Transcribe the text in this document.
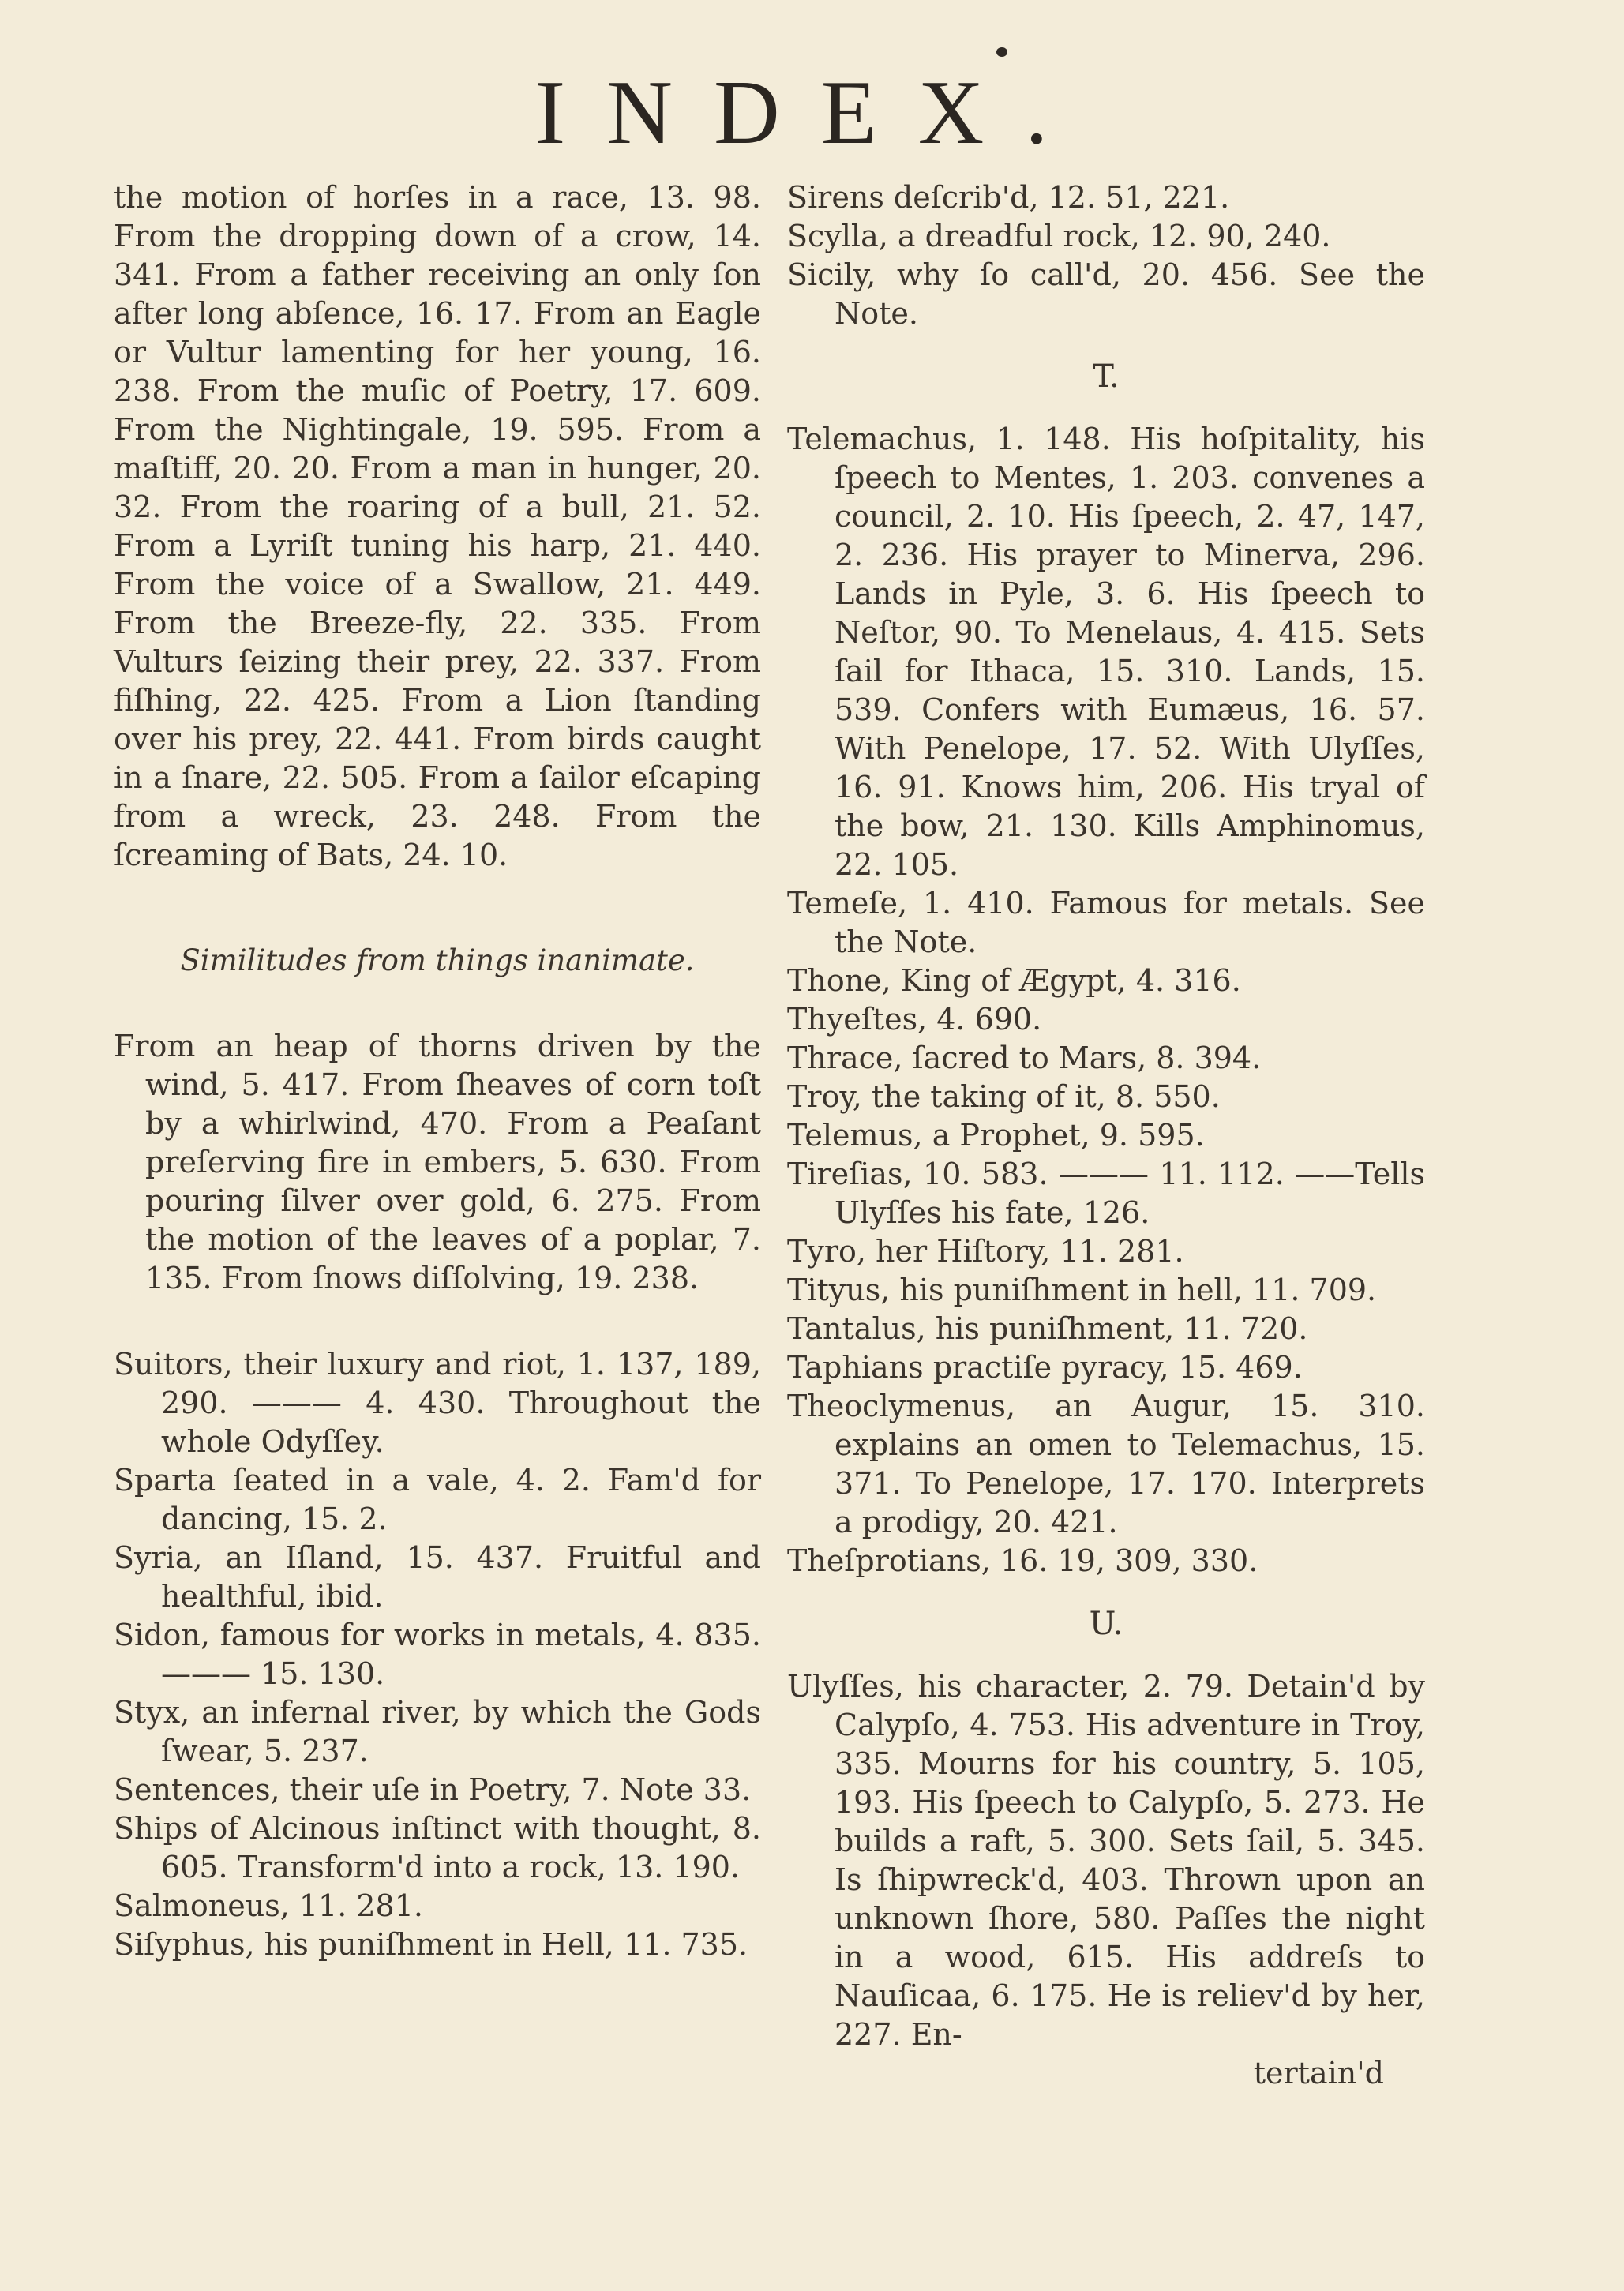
INDEX.

the motion of horſes in a race, 13. 98. From the dropping down of a crow, 14. 341. From a father receiving an only ſon after long abſence, 16. 17. From an Eagle or Vultur lamenting for her young, 16. 238. From the muſic of Poetry, 17. 609. From the Nightingale, 19. 595. From a maſtiff, 20. 20. From a man in hunger, 20. 32. From the roaring of a bull, 21. 52. From a Lyriſt tuning his harp, 21. 440. From the voice of a Swallow, 21. 449. From the Breeze-fly, 22. 335. From Vulturs ſeizing their prey, 22. 337. From fiſhing, 22. 425. From a Lion ſtanding over his prey, 22. 441. From birds caught in a ſnare, 22. 505. From a ſailor eſcaping from a wreck, 23. 248. From the ſcreaming of Bats, 24. 10.

Similitudes from things inanimate.

From an heap of thorns driven by the wind, 5. 417. From ſheaves of corn toſt by a whirlwind, 470. From a Peaſant preſerving fire in embers, 5. 630. From pouring ſilver over gold, 6. 275. From the motion of the leaves of a poplar, 7. 135. From ſnows diſſolving, 19. 238.

Suitors, their luxury and riot, 1. 137, 189, 290. ——— 4. 430. Throughout the whole Odyſſey.

Sparta ſeated in a vale, 4. 2. Fam'd for dancing, 15. 2.

Syria, an Iſland, 15. 437. Fruitful and healthful, ibid.

Sidon, famous for works in metals, 4. 835. ——— 15. 130.

Styx, an infernal river, by which the Gods ſwear, 5. 237.

Sentences, their uſe in Poetry, 7. Note 33.

Ships of Alcinous inſtinct with thought, 8. 605. Transform'd into a rock, 13. 190.

Salmoneus, 11. 281.

Siſyphus, his puniſhment in Hell, 11. 735.

Sirens deſcrib'd, 12. 51, 221.

Scylla, a dreadful rock, 12. 90, 240.

Sicily, why ſo call'd, 20. 456. See the Note.

T.

Telemachus, 1. 148. His hoſpitality, his ſpeech to Mentes, 1. 203. convenes a council, 2. 10. His ſpeech, 2. 47, 147, 2. 236. His prayer to Minerva, 296. Lands in Pyle, 3. 6. His ſpeech to Neſtor, 90. To Menelaus, 4. 415. Sets ſail for Ithaca, 15. 310. Lands, 15. 539. Confers with Eumæus, 16. 57. With Penelope, 17. 52. With Ulyſſes, 16. 91. Knows him, 206. His tryal of the bow, 21. 130. Kills Amphinomus, 22. 105.

Temeſe, 1. 410. Famous for metals. See the Note.

Thone, King of Ægypt, 4. 316.

Thyeſtes, 4. 690.

Thrace, ſacred to Mars, 8. 394.

Troy, the taking of it, 8. 550.

Telemus, a Prophet, 9. 595.

Tireſias, 10. 583. ——— 11. 112. ——Tells Ulyſſes his fate, 126.

Tyro, her Hiſtory, 11. 281.

Tityus, his puniſhment in hell, 11. 709.

Tantalus, his puniſhment, 11. 720.

Taphians practiſe pyracy, 15. 469.

Theoclymenus, an Augur, 15. 310. explains an omen to Telemachus, 15. 371. To Penelope, 17. 170. Interprets a prodigy, 20. 421.

Theſprotians, 16. 19, 309, 330.

U.

Ulyſſes, his character, 2. 79. Detain'd by Calypſo, 4. 753. His adventure in Troy, 335. Mourns for his country, 5. 105, 193. His ſpeech to Calypſo, 5. 273. He builds a raft, 5. 300. Sets ſail, 5. 345. Is ſhipwreck'd, 403. Thrown upon an unknown ſhore, 580. Paſſes the night in a wood, 615. His addreſs to Nauſicaa, 6. 175. He is reliev'd by her, 227. En-

tertain'd
